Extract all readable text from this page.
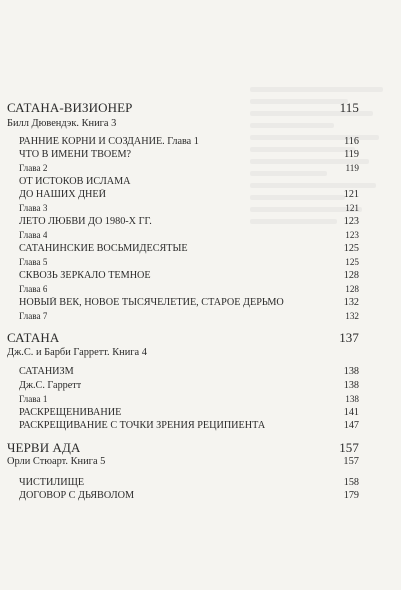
САТАНА-ВИЗИОНЕР	115
Билл Дювендэк. Книга 3
РАННИЕ КОРНИ И СОЗДАНИЕ. Глава 1	116
ЧТО В ИМЕНИ ТВОЕМ?	119
Глава 2	119
ОТ ИСТОКОВ ИСЛАМА
ДО НАШИХ ДНЕЙ	121
Глава 3	121
ЛЕТО ЛЮБВИ ДО 1980-Х ГГ.	123
Глава 4	123
САТАНИНСКИЕ ВОСЬМИДЕСЯТЫЕ	125
Глава 5	125
СКВОЗЬ ЗЕРКАЛО ТЕМНОЕ	128
Глава 6	128
НОВЫЙ ВЕК, НОВОЕ ТЫСЯЧЕЛЕТИЕ, СТАРОЕ ДЕРЬМО	132
Глава 7	132
САТАНА	137
Дж.С. и Барби Гарретт. Книга 4
САТАНИЗМ	138
Дж.С. Гарретт	138
Глава 1	138
РАСКРЕЩЕНИВАНИЕ	141
РАСКРЕЩИВАНИЕ С ТОЧКИ ЗРЕНИЯ РЕЦИПИЕНТА	147
ЧЕРВИ АДА	157
Орли Стюарт. Книга 5	157
ЧИСТИЛИЩЕ	158
ДОГОВОР С ДЬЯВОЛОМ	179
